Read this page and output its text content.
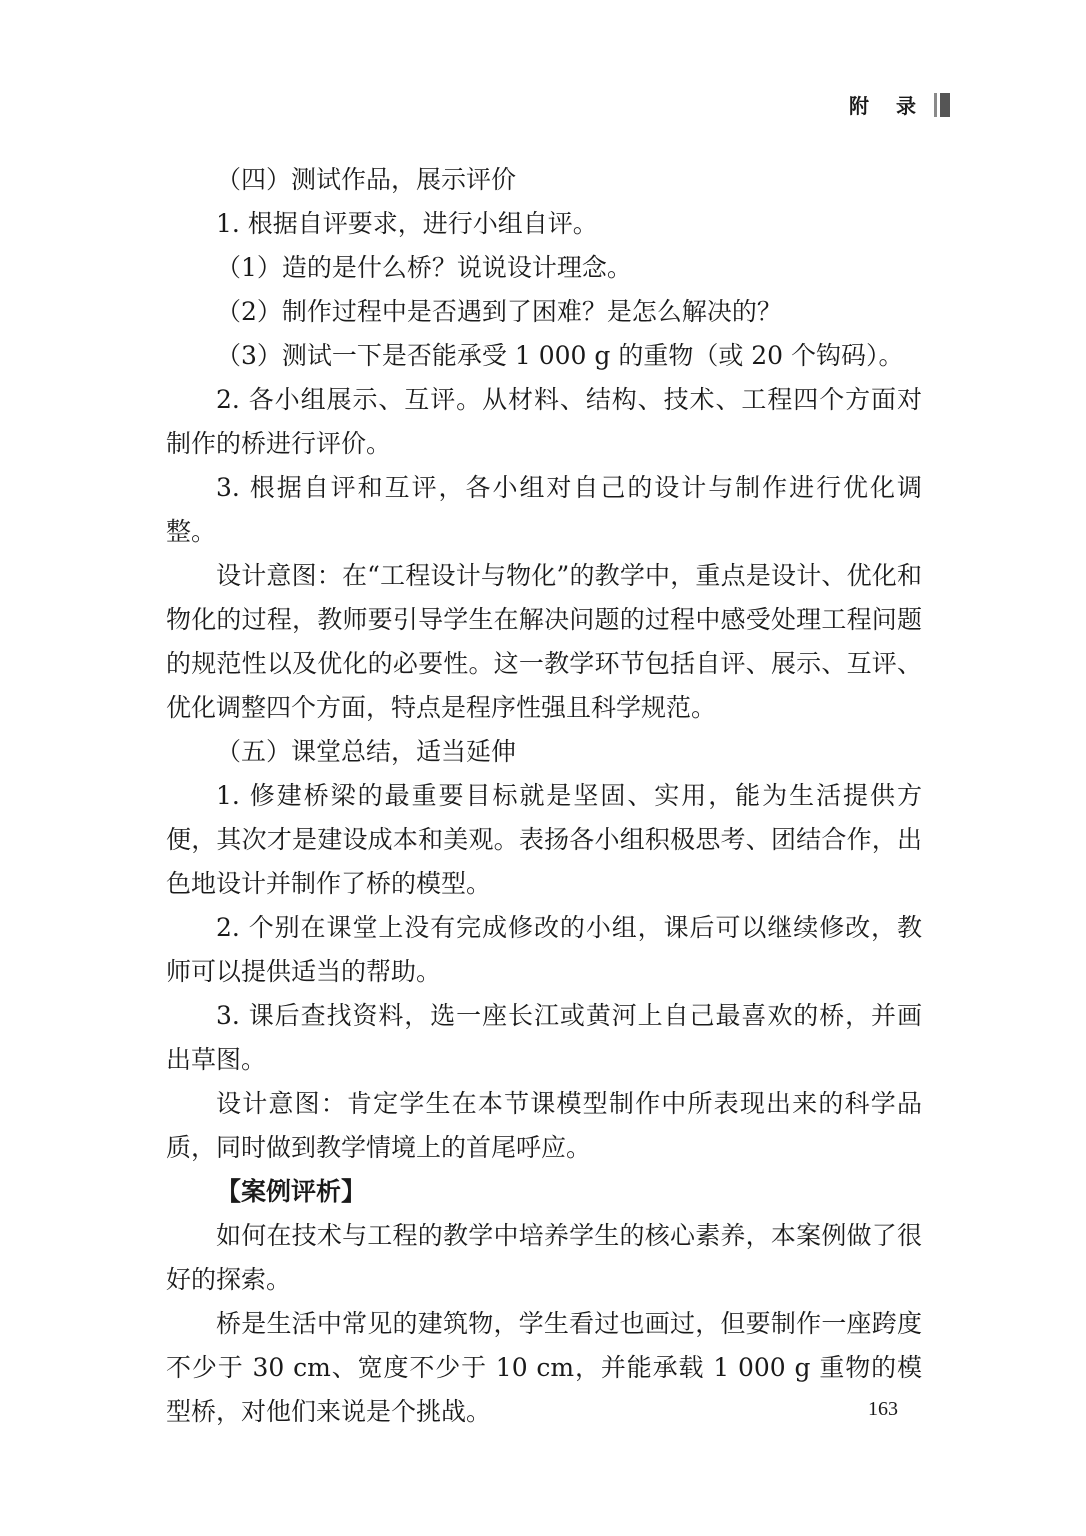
附 录

（四）测试作品，展示评价

1. 根据自评要求，进行小组自评。

（1）造的是什么桥？说说设计理念。

（2）制作过程中是否遇到了困难？是怎么解决的？

（3）测试一下是否能承受 1 000 g 的重物（或 20 个钩码）。

2. 各小组展示、互评。从材料、结构、技术、工程四个方面对制作的桥进行评价。

3. 根据自评和互评，各小组对自己的设计与制作进行优化调整。

设计意图：在“工程设计与物化”的教学中，重点是设计、优化和物化的过程，教师要引导学生在解决问题的过程中感受处理工程问题的规范性以及优化的必要性。这一教学环节包括自评、展示、互评、优化调整四个方面，特点是程序性强且科学规范。

（五）课堂总结，适当延伸

1. 修建桥梁的最重要目标就是坚固、实用，能为生活提供方便，其次才是建设成本和美观。表扬各小组积极思考、团结合作，出色地设计并制作了桥的模型。

2. 个别在课堂上没有完成修改的小组，课后可以继续修改，教师可以提供适当的帮助。

3. 课后查找资料，选一座长江或黄河上自己最喜欢的桥，并画出草图。

设计意图：肯定学生在本节课模型制作中所表现出来的科学品质，同时做到教学情境上的首尾呼应。

【案例评析】

如何在技术与工程的教学中培养学生的核心素养，本案例做了很好的探索。

桥是生活中常见的建筑物，学生看过也画过，但要制作一座跨度不少于 30 cm、宽度不少于 10 cm，并能承载 1 000 g 重物的模型桥，对他们来说是个挑战。	163
